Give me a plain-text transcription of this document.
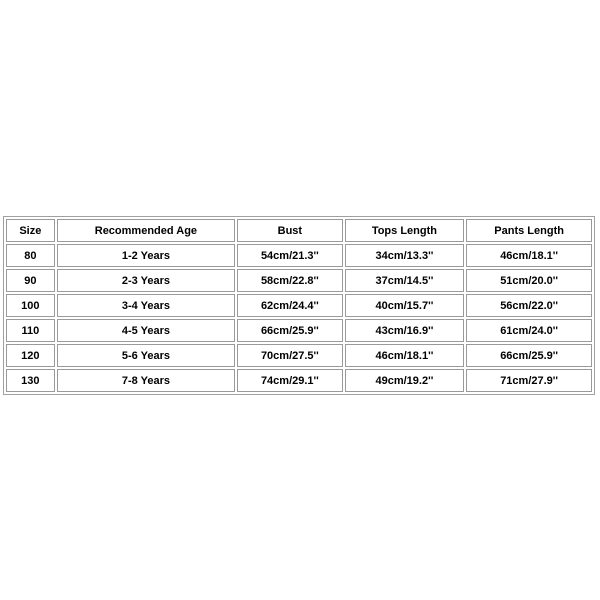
Size	Recommended Age	Bust	Tops Length	Pants Length
80	1-2 Years	54cm/21.3''	34cm/13.3''	46cm/18.1''
90	2-3 Years	58cm/22.8''	37cm/14.5''	51cm/20.0''
100	3-4 Years	62cm/24.4''	40cm/15.7''	56cm/22.0''
110	4-5 Years	66cm/25.9''	43cm/16.9''	61cm/24.0''
120	5-6 Years	70cm/27.5''	46cm/18.1''	66cm/25.9''
130	7-8 Years	74cm/29.1''	49cm/19.2''	71cm/27.9''
